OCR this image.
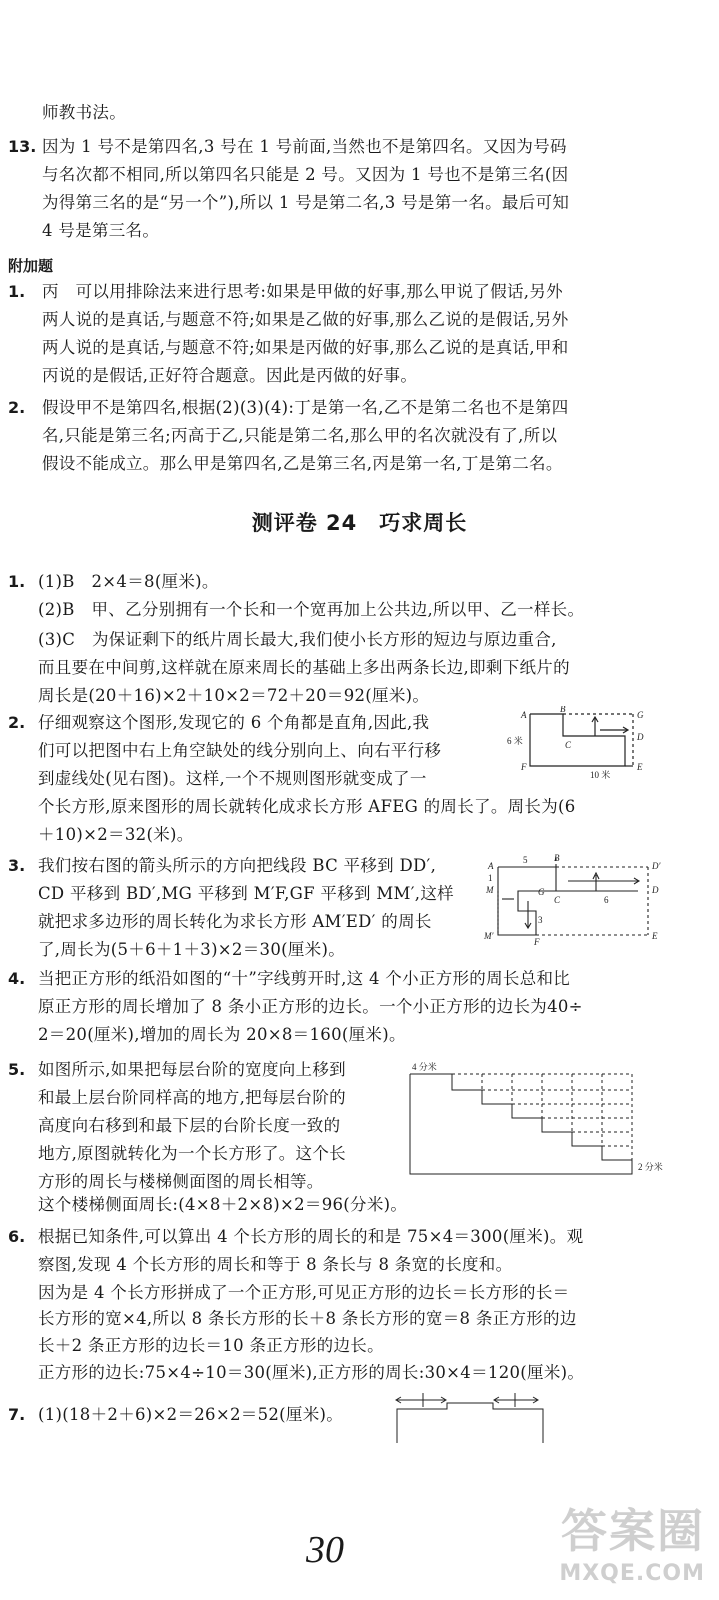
师教书法。
13. 因为 1 号不是第四名,3 号在 1 号前面,当然也不是第四名。又因为号码
与名次都不相同,所以第四名只能是 2 号。又因为 1 号也不是第三名(因
为得第三名的是“另一个”),所以 1 号是第二名,3 号是第一名。最后可知
4 号是第三名。
附加题
1. 丙　可以用排除法来进行思考:如果是甲做的好事,那么甲说了假话,另外
两人说的是真话,与题意不符;如果是乙做的好事,那么乙说的是假话,另外
两人说的是真话,与题意不符;如果是丙做的好事,那么乙说的是真话,甲和
丙说的是假话,正好符合题意。因此是丙做的好事。
2. 假设甲不是第四名,根据(2)(3)(4):丁是第一名,乙不是第二名也不是第四
名,只能是第三名;丙高于乙,只能是第二名,那么甲的名次就没有了,所以
假设不能成立。那么甲是第四名,乙是第三名,丙是第一名,丁是第二名。
测评卷 24　巧求周长
1. (1)B　2×4＝8(厘米)。
(2)B　甲、乙分别拥有一个长和一个宽再加上公共边,所以甲、乙一样长。
(3)C　为保证剩下的纸片周长最大,我们使小长方形的短边与原边重合,
而且要在中间剪,这样就在原来周长的基础上多出两条长边,即剩下纸片的
周长是(20＋16)×2＋10×2＝72＋20＝92(厘米)。
2. 仔细观察这个图形,发现它的 6 个角都是直角,因此,我
们可以把图中右上角空缺处的线分别向上、向右平行移
到虚线处(见右图)。这样,一个不规则图形就变成了一
个长方形,原来图形的周长就转化成求长方形 AFEG 的周长了。周长为(6
＋10)×2＝32(米)。
A
B
G
C
D
F	E
6 米
10 米
3. 我们按右图的箭头所示的方向把线段 BC 平移到 DD′,
CD 平移到 BD′,MG 平移到 M′F,GF 平移到 MM′,这样
就把求多边形的周长转化为求长方形 AM′ED′ 的周长
了,周长为(5＋6＋1＋3)×2＝30(厘米)。
A
B
D′
M	G
C
D
M′
F
E
5
1
3
6
4. 当把正方形的纸沿如图的“十”字线剪开时,这 4 个小正方形的周长总和比
原正方形的周长增加了 8 条小正方形的边长。一个小正方形的边长为40÷
2＝20(厘米),增加的周长为 20×8＝160(厘米)。
5. 如图所示,如果把每层台阶的宽度向上移到
和最上层台阶同样高的地方,把每层台阶的
高度向右移到和最下层的台阶长度一致的
地方,原图就转化为一个长方形了。这个长
方形的周长与楼梯侧面图的周长相等。
这个楼梯侧面周长:(4×8＋2×8)×2＝96(分米)。
4 分米
2 分米
6. 根据已知条件,可以算出 4 个长方形的周长的和是 75×4＝300(厘米)。观
察图,发现 4 个长方形的周长和等于 8 条长与 8 条宽的长度和。
因为是 4 个长方形拼成了一个正方形,可见正方形的边长＝长方形的长＝
长方形的宽×4,所以 8 条长方形的长＋8 条长方形的宽＝8 条正方形的边
长＋2 条正方形的边长＝10 条正方形的边长。
正方形的边长:75×4÷10＝30(厘米),正方形的周长:30×4＝120(厘米)。
7. (1)(18＋2＋6)×2＝26×2＝52(厘米)。
30	答案圈
MXQE.COM
